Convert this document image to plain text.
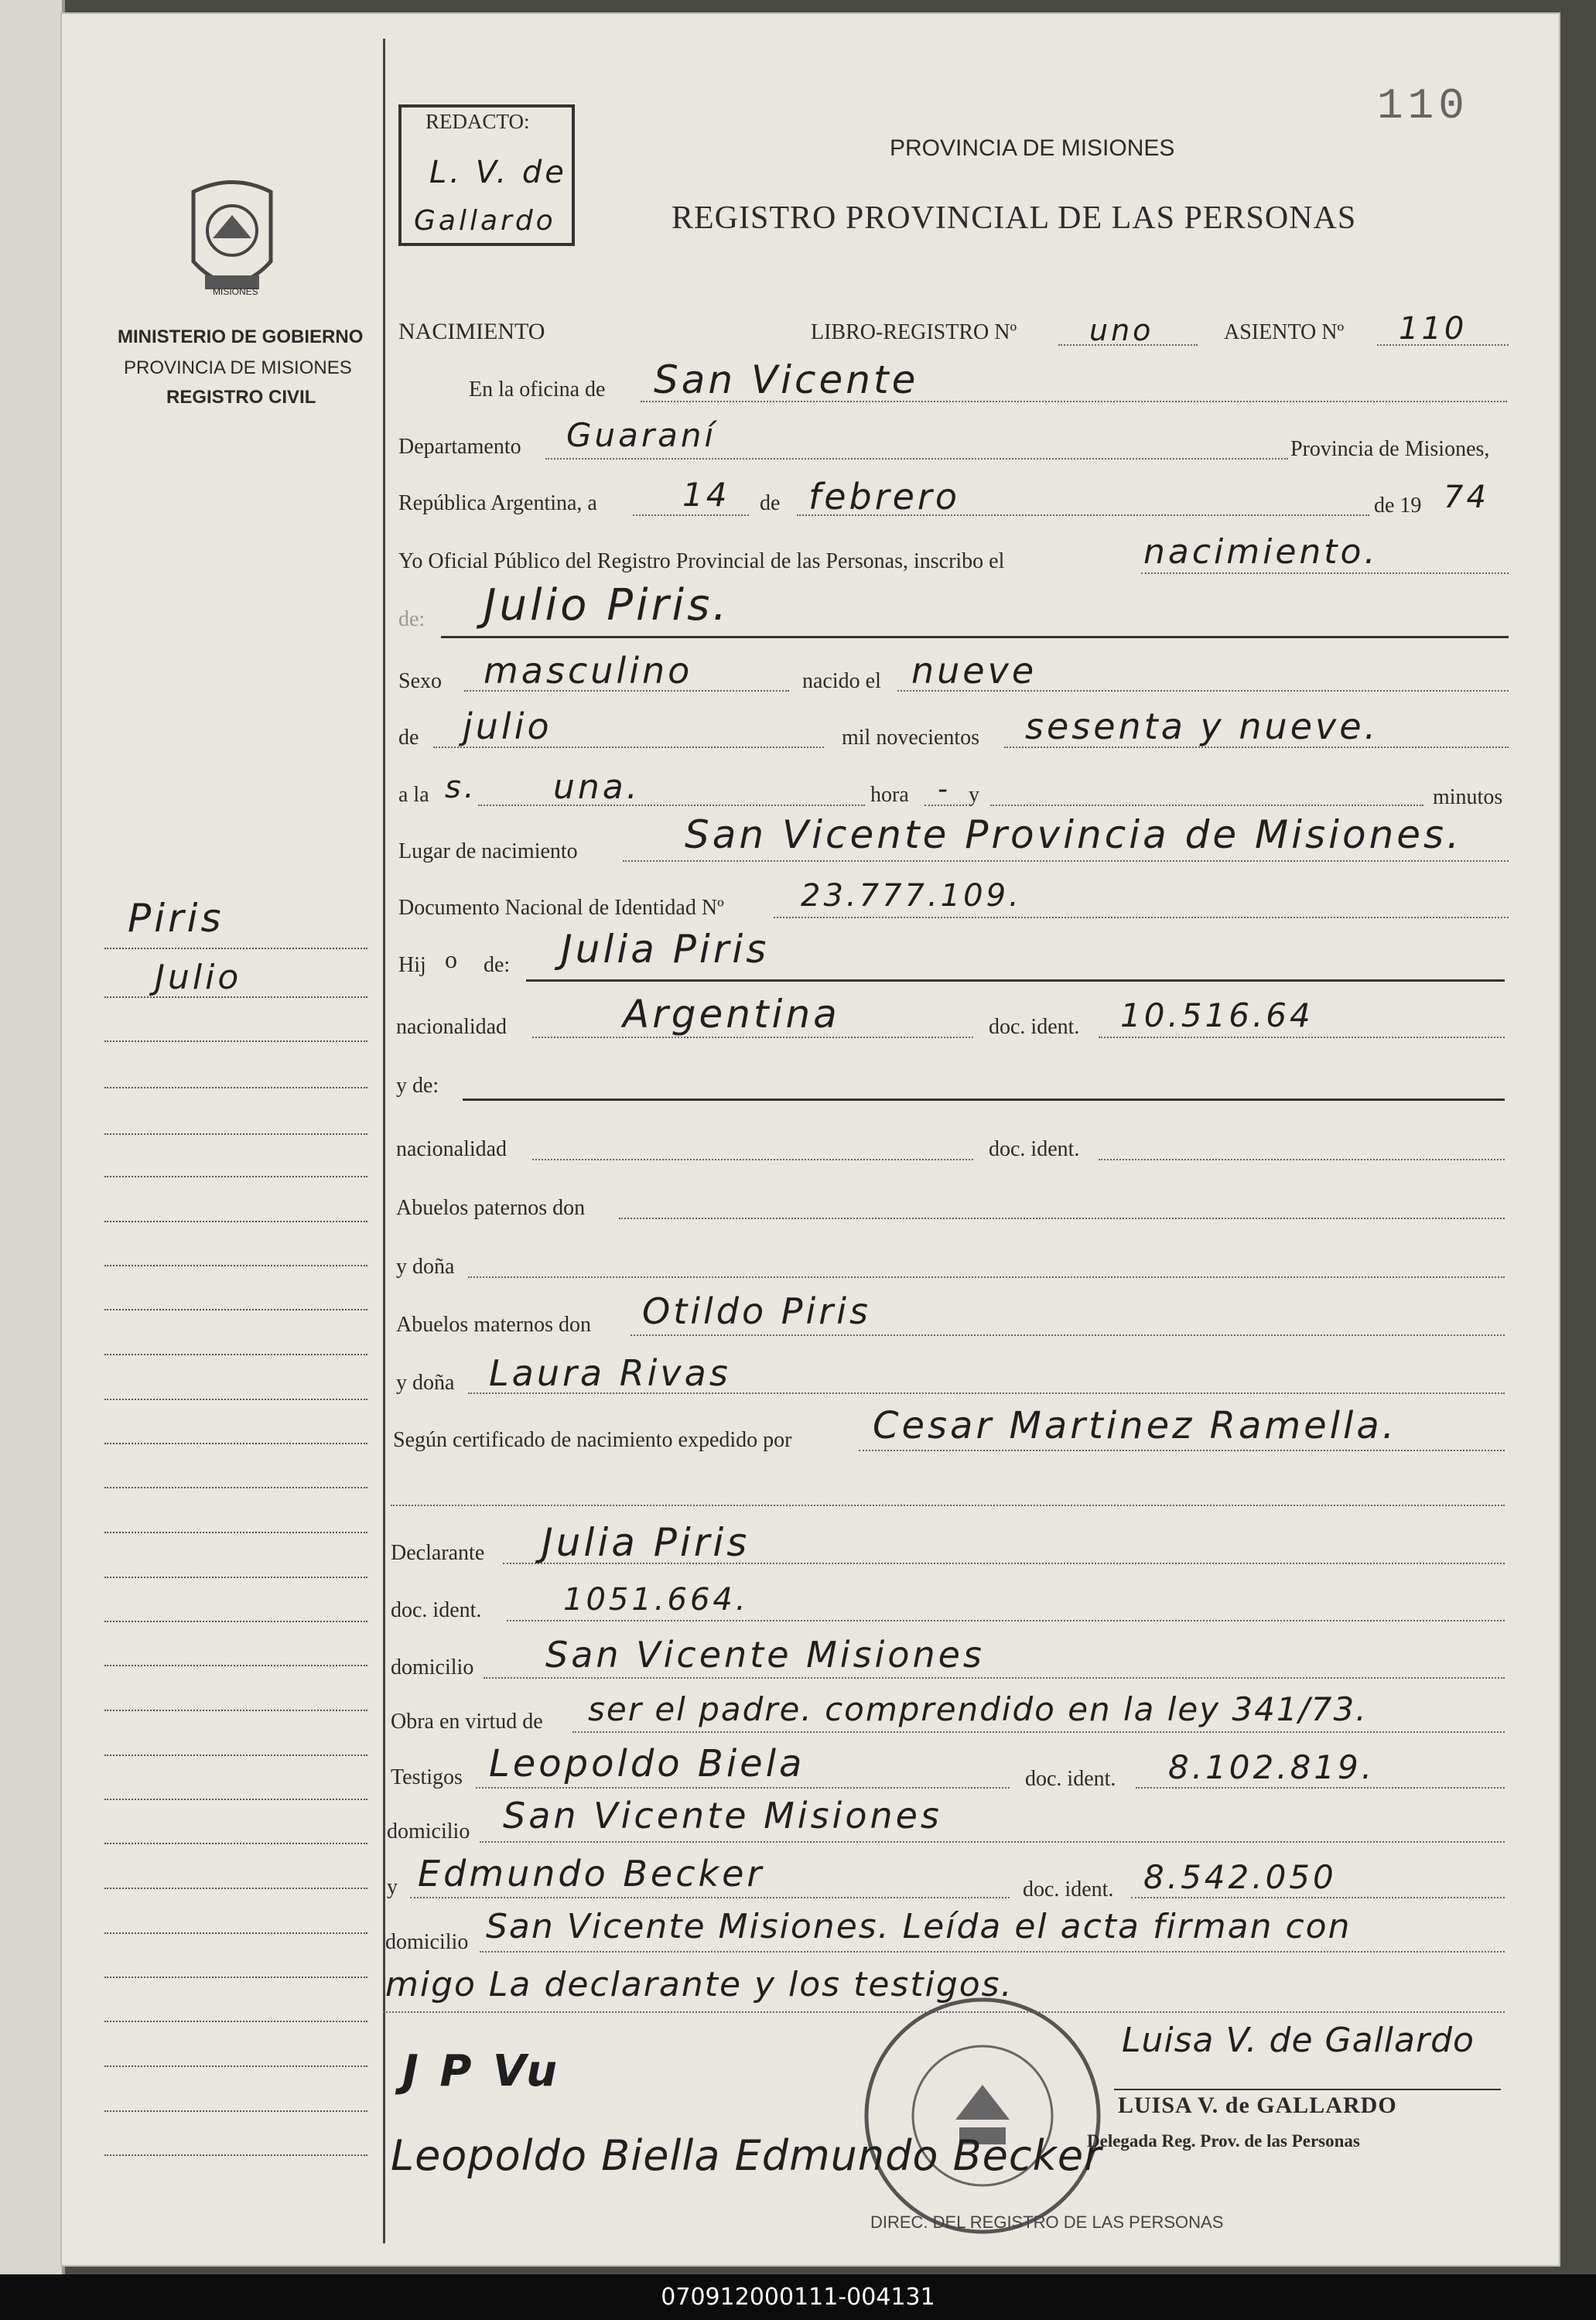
110
REDACTO:
L. V. de
Gallardo
PROVINCIA DE MISIONES
REGISTRO PROVINCIAL DE LAS PERSONAS
MISIONES
MINISTERIO DE GOBIERNO
PROVINCIA DE MISIONES
REGISTRO CIVIL
Piris
Julio
NACIMIENTO	LIBRO-REGISTRO Nº uno	ASIENTO Nº 110
En la oficina de San Vicente
Departamento Guaraní	Provincia de Misiones,
República Argentina, a	14 de febrero	de 19 74
Yo Oficial Público del Registro Provincial de las Personas, inscribo el	nacimiento.
de: Julio Piris.
Sexo masculino	nacido el nueve
de julio	mil novecientos sesenta y nueve.
a la s. una.	hora - y	minutos
Lugar de nacimiento	San Vicente Provincia de Misiones.
Documento Nacional de Identidad Nº 23.777.109.
Hij o de: Julia Piris
nacionalidad	Argentina	doc. ident. 10.516.64
y de:
nacionalidad	doc. ident.
Abuelos paternos don
y doña
Abuelos maternos don Otildo Piris
y doña Laura Rivas
Según certificado de nacimiento expedido por Cesar Martinez Ramella.
Declarante Julia Piris
doc. ident.	1051.664.
domicilio San Vicente Misiones
Obra en virtud de ser el padre. comprendido en la ley 341/73.
Testigos Leopoldo Biela	doc. ident. 8.102.819.
domicilio San Vicente Misiones
y Edmundo Becker	doc. ident. 8.542.050
domicilio San Vicente Misiones. Leída el acta firman con
migo La declarante y los testigos.
DIREC. DEL REGISTRO DE LAS PERSONAS
J P Vu
Leopoldo Biella Edmundo Becker
Luisa V. de Gallardo
LUISA V. de GALLARDO
Delegada Reg. Prov. de las Personas
070912000111-004131
